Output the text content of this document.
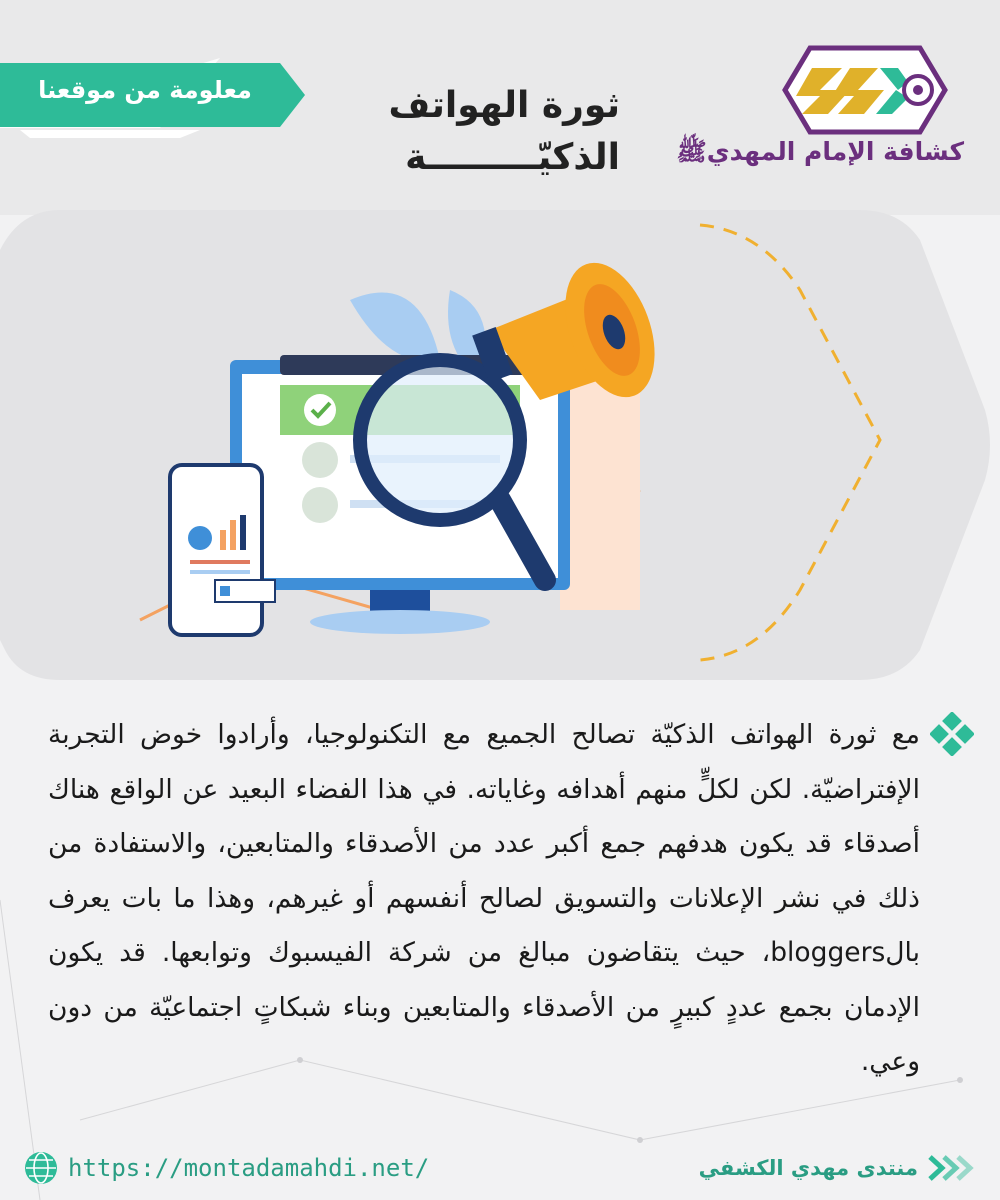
معلومة من موقعنا	ثورة الهواتف
الذكيّـــــــــة كشافة الإمام المهديﷺ
مع ثورة الهواتف الذكيّة تصالح الجميع مع التكنولوجيا، وأرادوا خوض التجربة الإفتراضيّة. لكن لكلٍّ منهم أهدافه وغاياته. في هذا الفضاء البعيد عن الواقع هناك أصدقاء قد يكون هدفهم جمع أكبر عدد من الأصدقاء والمتابعين، والاستفادة من ذلك في نشر الإعلانات والتسويق لصالح أنفسهم أو غيرهم، وهذا ما بات يعرف بالbloggers، حيث يتقاضون مبالغ من شركة الفيسبوك وتوابعها. قد يكون الإدمان بجمع عددٍ كبيرٍ من الأصدقاء والمتابعين وبناء شبكاتٍ اجتماعيّة من دون وعي.
https://montadamahdi.net/	منتدى مهدي الكشفي
